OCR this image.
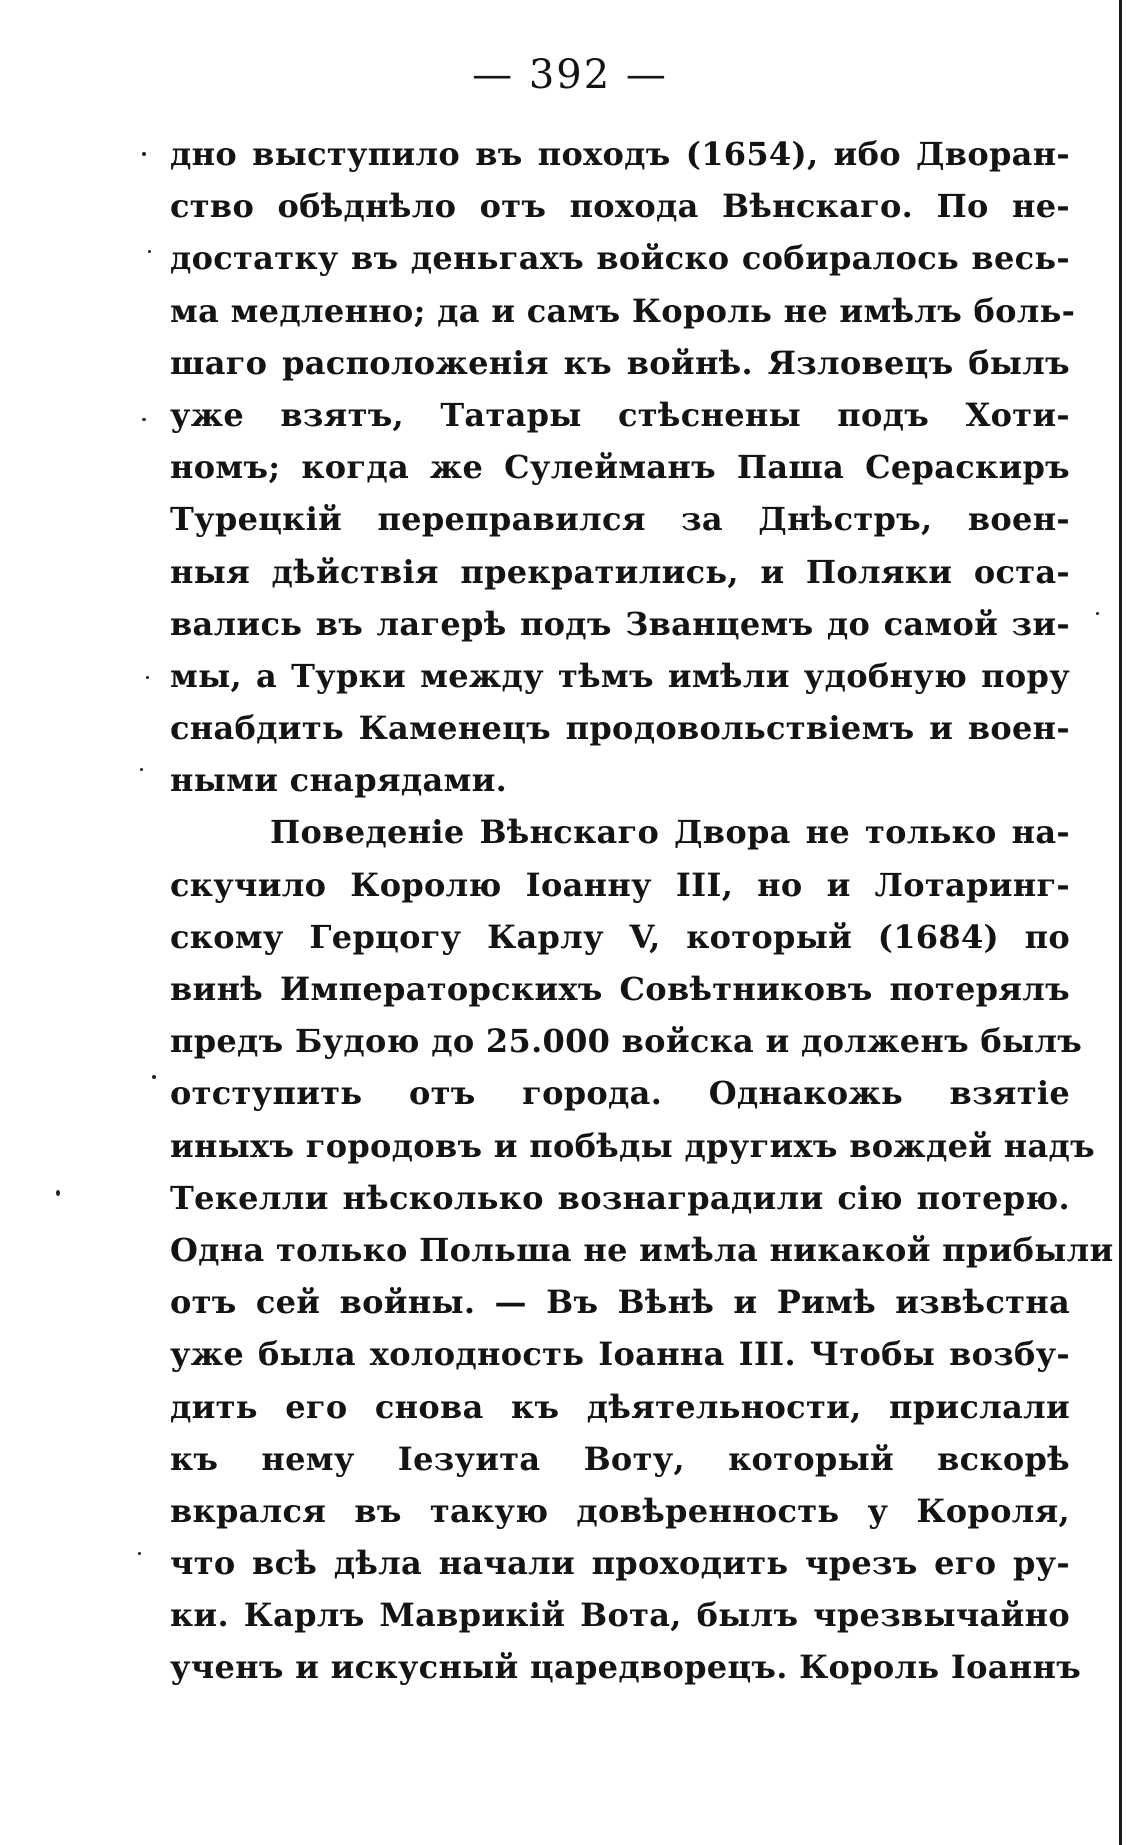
— 392 —
дно выступило въ походъ (1654), ибо Дворан-
ство обѣднѣло отъ похода Вѣнскаго. По не-
достатку въ деньгахъ войско собиралось весь-
ма медленно; да и самъ Король не имѣлъ боль-
шаго расположенія къ войнѣ. Язловецъ былъ
уже взятъ, Татары стѣснены подъ Хоти-
номъ; когда же Сулейманъ Паша Сераскиръ
Турецкій переправился за Днѣстръ, воен-
ныя дѣйствія прекратились, и Поляки оста-
вались въ лагерѣ подъ Званцемъ до самой зи-
мы, а Турки между тѣмъ имѣли удобную пору
снабдить Каменецъ продовольствіемъ и воен-
ными снарядами.
Поведеніе Вѣнскаго Двора не только на-
скучило Королю Іоанну III, но и Лотаринг-
скому Герцогу Карлу V, который (1684) по
винѣ Императорскихъ Совѣтниковъ потерялъ
предъ Будою до 25.000 войска и долженъ былъ
отступить отъ города. Однакожь взятіе
иныхъ городовъ и побѣды другихъ вождей надъ
Текелли нѣсколько вознаградили сію потерю.
Одна только Польша не имѣла никакой прибыли
отъ сей войны. — Въ Вѣнѣ и Римѣ извѣстна
уже была холодность Іоанна III. Чтобы возбу-
дить его снова къ дѣятельности, прислали
къ нему Іезуита Воту, который вскорѣ
вкрался въ такую довѣренность у Короля,
что всѣ дѣла начали проходить чрезъ его ру-
ки. Карлъ Маврикій Вота, былъ чрезвычайно
ученъ и искусный царедворецъ. Король Іоаннъ
